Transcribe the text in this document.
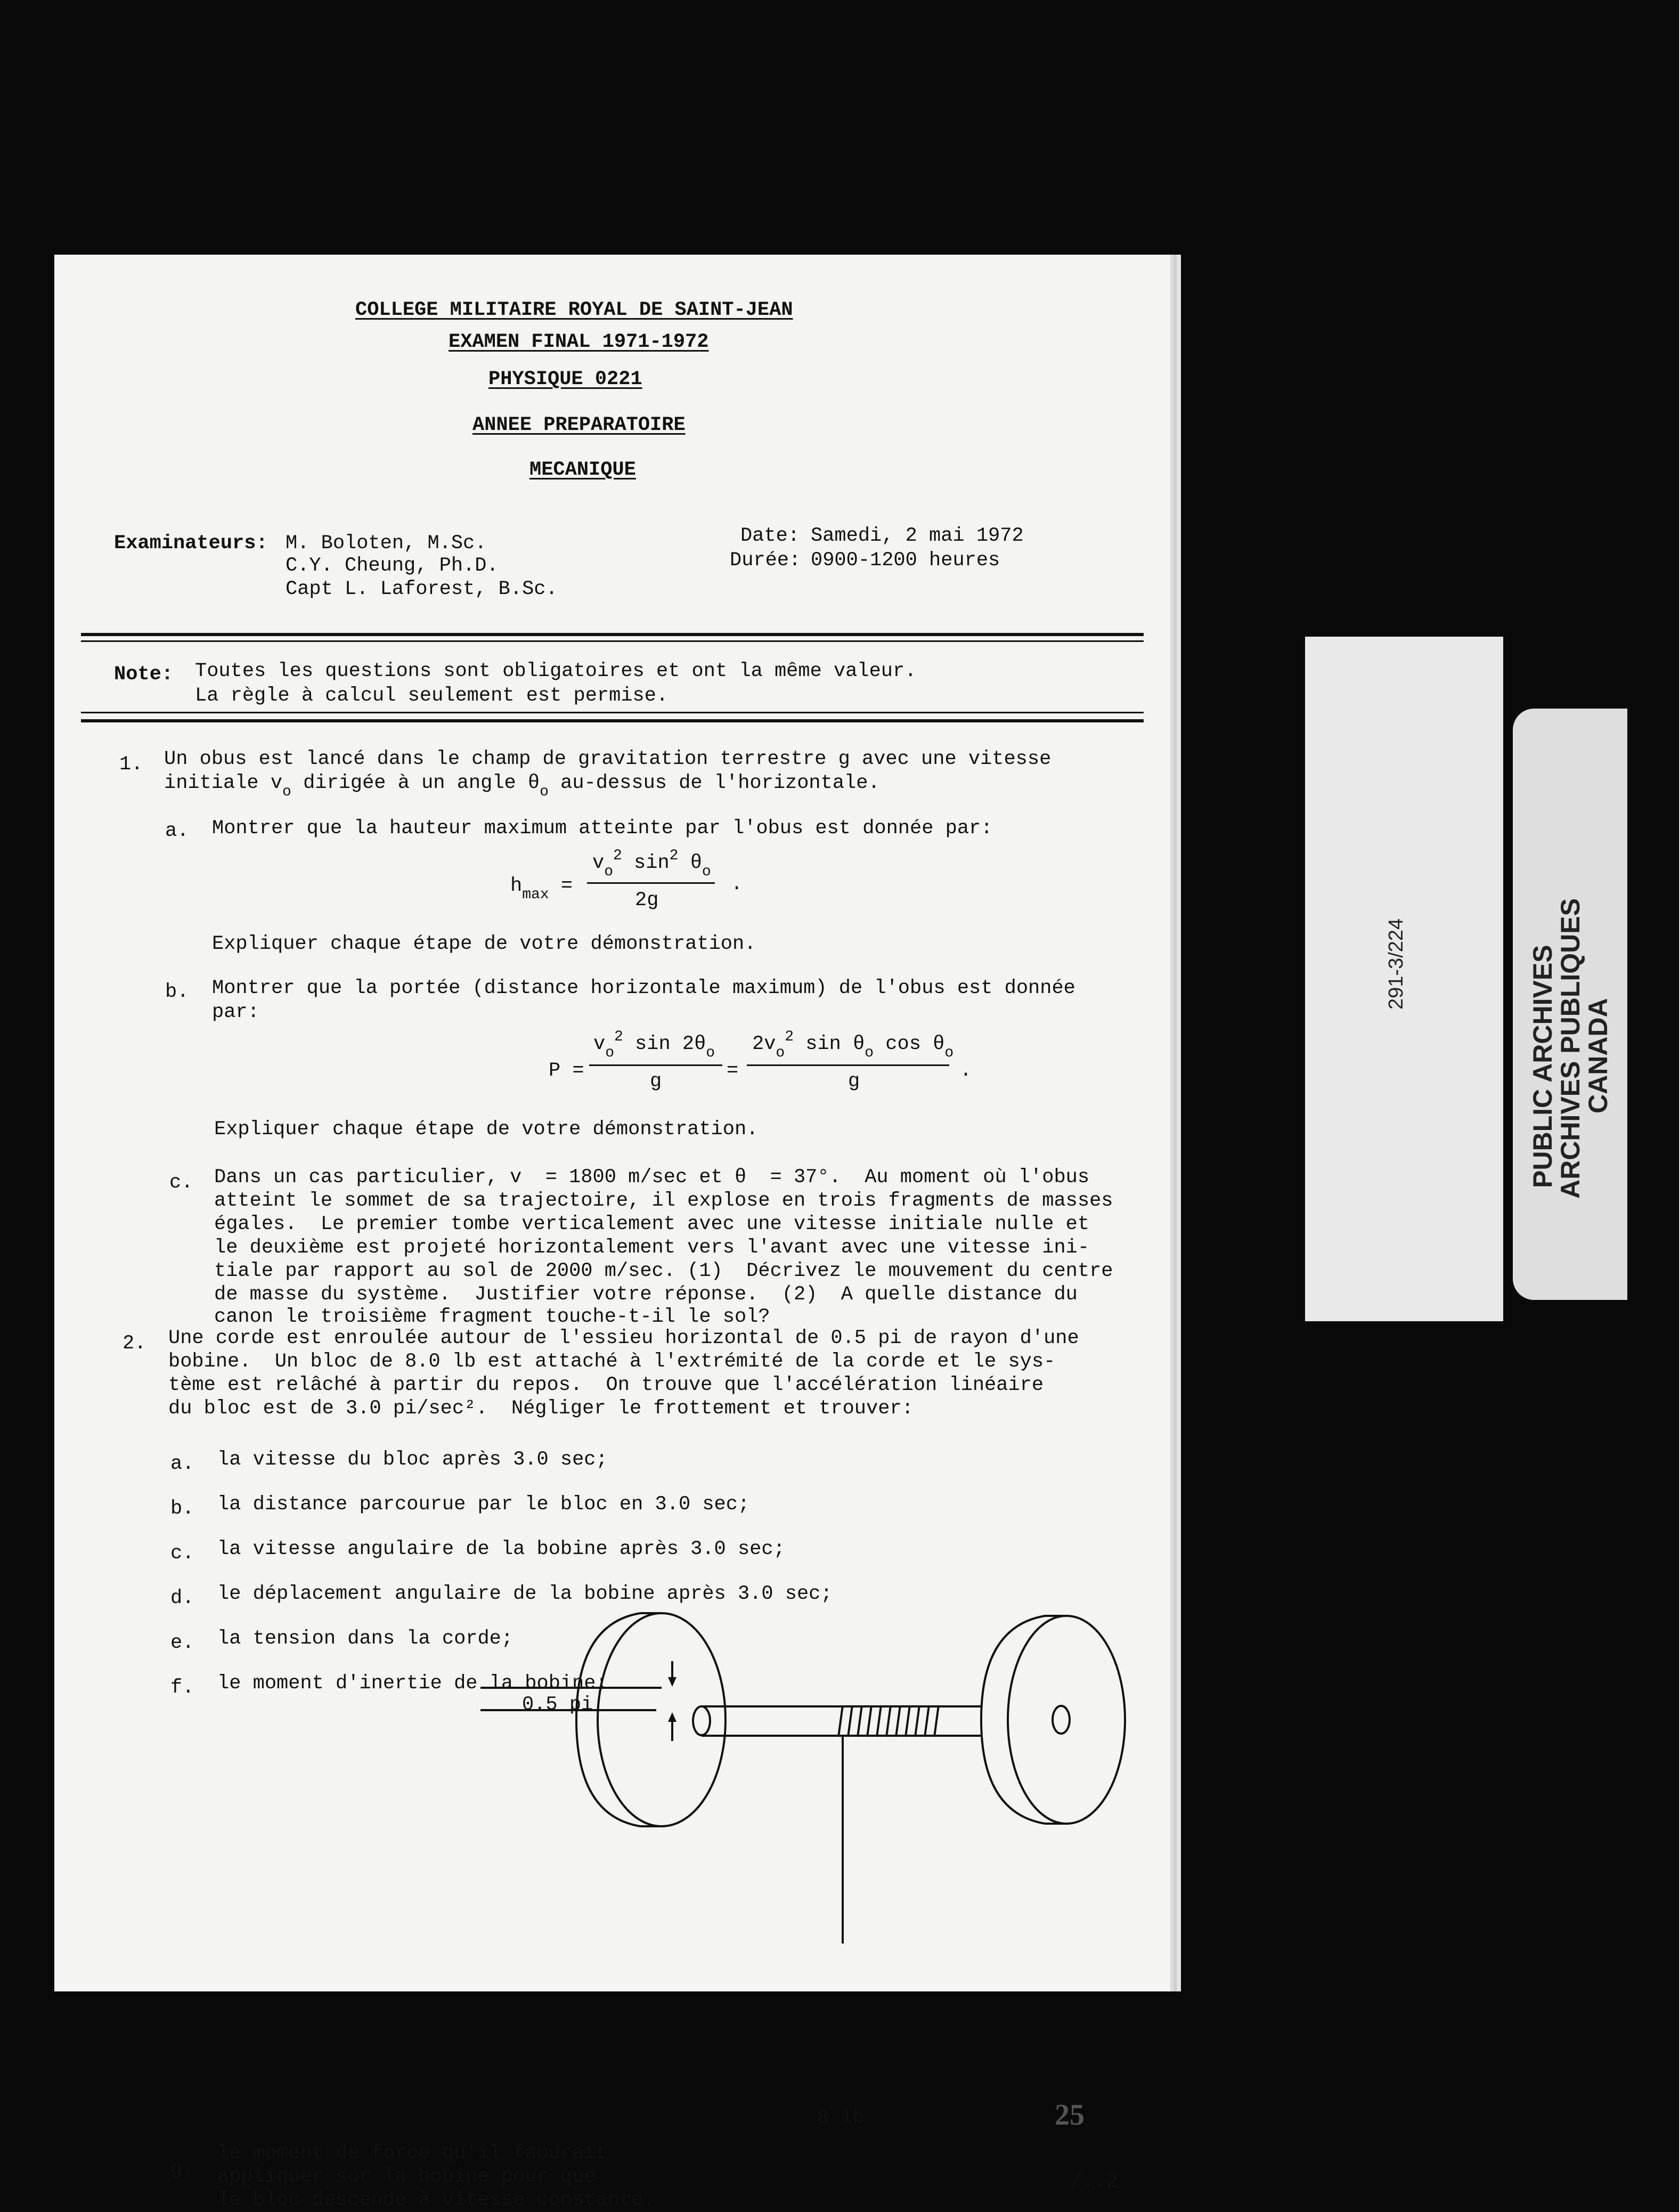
COLLEGE MILITAIRE ROYAL DE SAINT-JEAN
EXAMEN FINAL 1971-1972
PHYSIQUE 0221
ANNEE PREPARATOIRE
MECANIQUE
Examinateurs: M. Boloten, M.Sc.
C.Y. Cheung, Ph.D.
Capt L. Laforest, B.Sc.
Date: Samedi, 2 mai 1972
Durée: 0900-1200 heures
Note: Toutes les questions sont obligatoires et ont la même valeur.
La règle à calcul seulement est permise.
1. Un obus est lancé dans le champ de gravitation terrestre g avec une vitesse
initiale $v_o$ dirigée à un angle $\theta_o$ au-dessus de l'horizontale.
a. Montrer que la hauteur maximum atteinte par l'obus est donnée par:
$h_{max}$ =
$v_o^2$ $\sin^2 \theta_o$
2g
.
Expliquer chaque étape de votre démonstration.
b. Montrer que la portée (distance horizontale maximum) de l'obus est donnée
par:
P =
$v_o^2$ $\sin 2\theta_o$
g	=
$2v_o^2$ $\sin \theta_o$ $\cos \theta_o$
g	.
Expliquer chaque étape de votre démonstration.
c. Dans un cas particulier, v  = 1800 m/sec et θ  = 37°.  Au moment où l'obus
atteint le sommet de sa trajectoire, il explose en trois fragments de masses
égales.  Le premier tombe verticalement avec une vitesse initiale nulle et
le deuxième est projeté horizontalement vers l'avant avec une vitesse ini-
tiale par rapport au sol de 2000 m/sec. (1)  Décrivez le mouvement du centre
de masse du système.  Justifier votre réponse.  (2)  A quelle distance du
canon le troisième fragment touche-t-il le sol?
2. Une corde est enroulée autour de l'essieu horizontal de 0.5 pi de rayon d'une
bobine.  Un bloc de 8.0 lb est attaché à l'extrémité de la corde et le sys-
tème est relâché à partir du repos.  On trouve que l'accélération linéaire
du bloc est de 3.0 pi/sec².  Négliger le frottement et trouver:
a. la vitesse du bloc après 3.0 sec;
b. la distance parcourue par le bloc en 3.0 sec;
c. la vitesse angulaire de la bobine après 3.0 sec;
d. le déplacement angulaire de la bobine après 3.0 sec;
e. la tension dans la corde;
f. le moment d'inertie de la bobine;
0.5 pi
8 lb	25
g.
le moment de force qu'il faudrait
appliquer sur la bobine pour que
le bloc descende à vitesse constante.
/..2
291-3/224	PUBLIC ARCHIVES
ARCHIVES PUBLIQUES
CANADA
